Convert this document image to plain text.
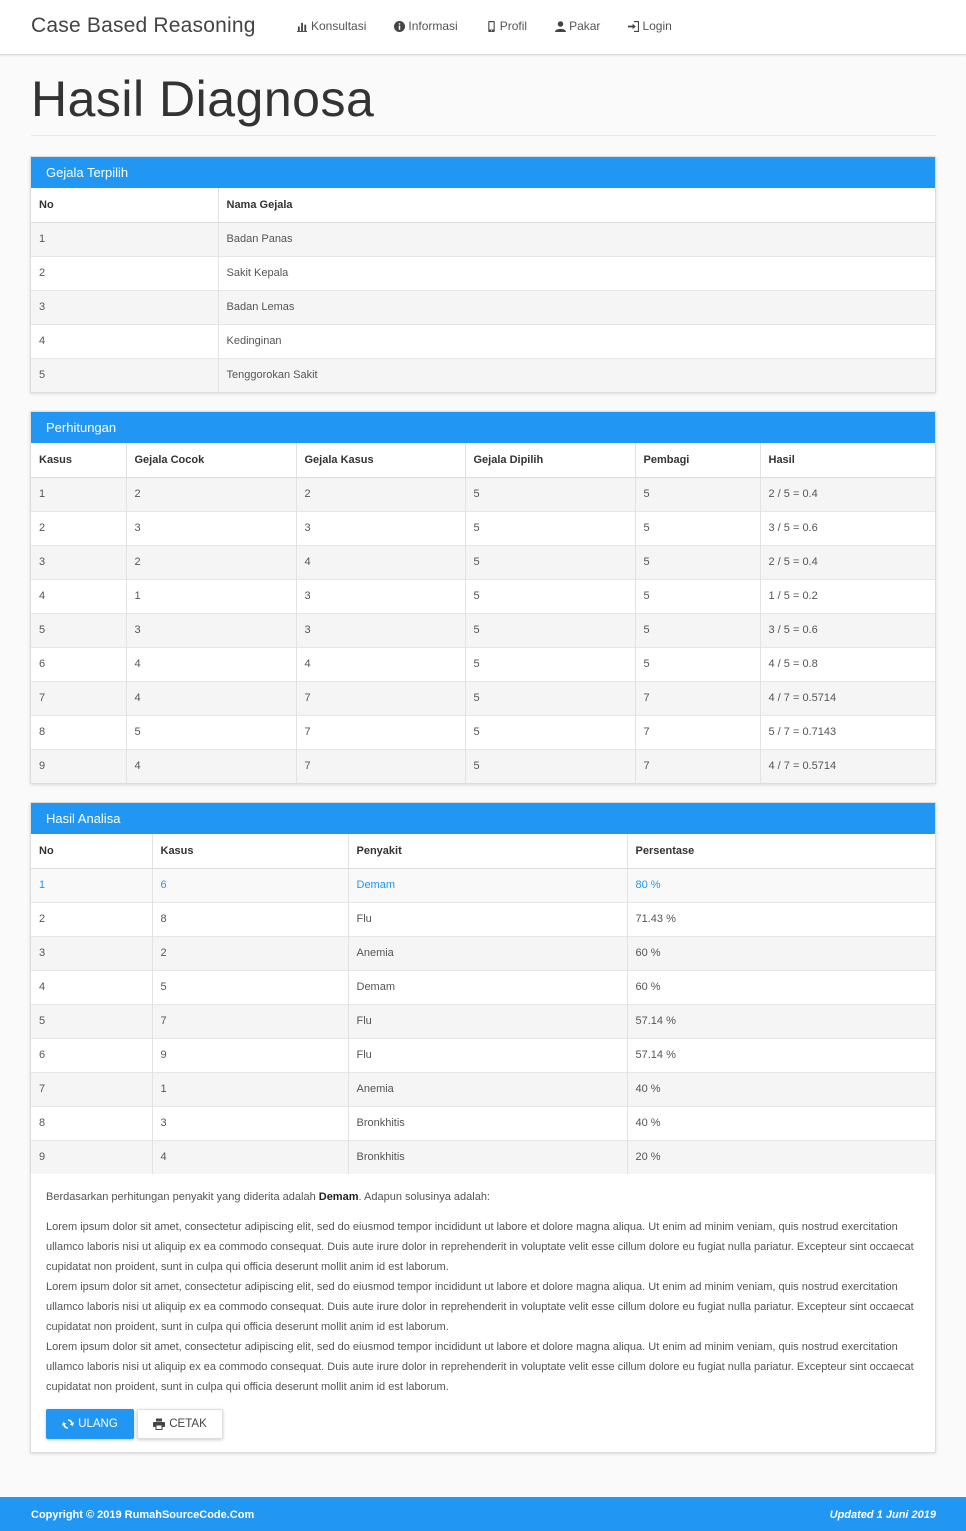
Case Based Reasoning	Konsultasi	Informasi	Profil	Pakar	Login
Hasil Diagnosa
Gejala Terpilih
No	Nama Gejala
1	Badan Panas
2	Sakit Kepala
3	Badan Lemas
4	Kedinginan
5	Tenggorokan Sakit
Perhitungan
Kasus	Gejala Cocok	Gejala Kasus	Gejala Dipilih	Pembagi	Hasil
1	2	2	5	5	2 / 5 = 0.4
2	3	3	5	5	3 / 5 = 0.6
3	2	4	5	5	2 / 5 = 0.4
4	1	3	5	5	1 / 5 = 0.2
5	3	3	5	5	3 / 5 = 0.6
6	4	4	5	5	4 / 5 = 0.8
7	4	7	5	7	4 / 7 = 0.5714
8	5	7	5	7	5 / 7 = 0.7143
9	4	7	5	7	4 / 7 = 0.5714
Hasil Analisa
No	Kasus	Penyakit	Persentase
1	6	Demam	80 %
2	8	Flu	71.43 %
3	2	Anemia	60 %
4	5	Demam	60 %
5	7	Flu	57.14 %
6	9	Flu	57.14 %
7	1	Anemia	40 %
8	3	Bronkhitis	40 %
9	4	Bronkhitis	20 %

Berdasarkan perhitungan penyakit yang diderita adalah Demam. Adapun solusinya adalah:

Lorem ipsum dolor sit amet, consectetur adipiscing elit, sed do eiusmod tempor incididunt ut labore et dolore magna aliqua. Ut enim ad minim veniam, quis nostrud exercitation ullamco laboris nisi ut aliquip ex ea commodo consequat. Duis aute irure dolor in reprehenderit in voluptate velit esse cillum dolore eu fugiat nulla pariatur. Excepteur sint occaecat cupidatat non proident, sunt in culpa qui officia deserunt mollit anim id est laborum.

Lorem ipsum dolor sit amet, consectetur adipiscing elit, sed do eiusmod tempor incididunt ut labore et dolore magna aliqua. Ut enim ad minim veniam, quis nostrud exercitation ullamco laboris nisi ut aliquip ex ea commodo consequat. Duis aute irure dolor in reprehenderit in voluptate velit esse cillum dolore eu fugiat nulla pariatur. Excepteur sint occaecat cupidatat non proident, sunt in culpa qui officia deserunt mollit anim id est laborum.

Lorem ipsum dolor sit amet, consectetur adipiscing elit, sed do eiusmod tempor incididunt ut labore et dolore magna aliqua. Ut enim ad minim veniam, quis nostrud exercitation ullamco laboris nisi ut aliquip ex ea commodo consequat. Duis aute irure dolor in reprehenderit in voluptate velit esse cillum dolore eu fugiat nulla pariatur. Excepteur sint occaecat cupidatat non proident, sunt in culpa qui officia deserunt mollit anim id est laborum.

ULANG	CETAK
Copyright © 2019 RumahSourceCode.Com	Updated 1 Juni 2019
